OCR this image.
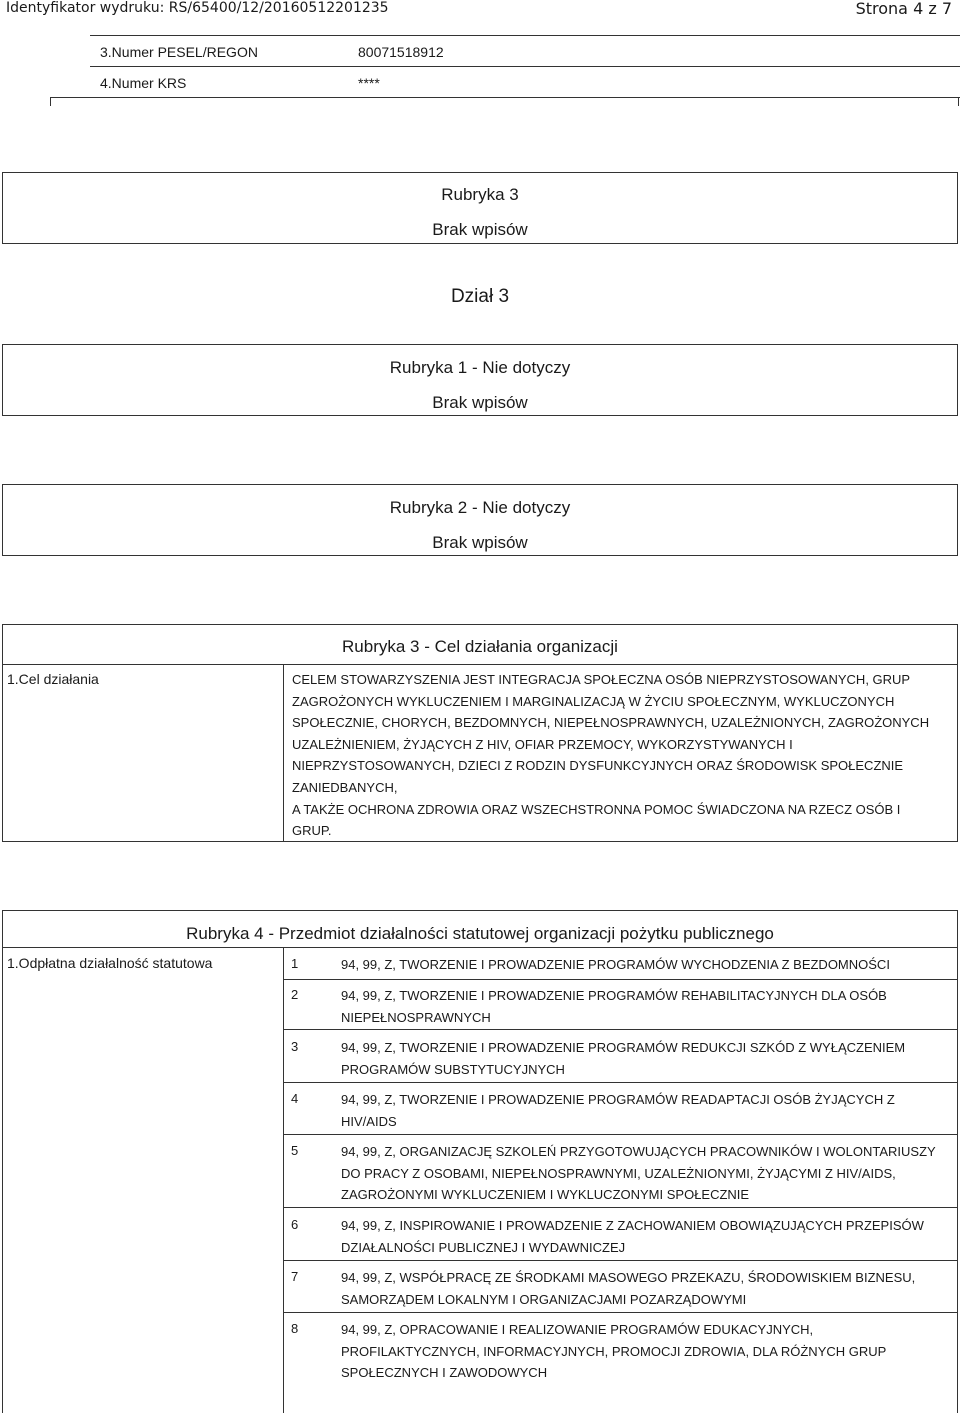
Identyfikator wydruku: RS/65400/12/20160512201235	Strona 4 z 7
3.Numer PESEL/REGON	80071518912
4.Numer KRS	****
Rubryka 3
Brak wpisów
Dział 3
Rubryka 1 - Nie dotyczy
Brak wpisów
Rubryka 2 - Nie dotyczy
Brak wpisów
Rubryka 3 - Cel działania organizacji
1.Cel działania	CELEM STOWARZYSZENIA JEST INTEGRACJA SPOŁECZNA OSÓB NIEPRZYSTOSOWANYCH, GRUP
ZAGROŻONYCH WYKLUCZENIEM I MARGINALIZACJĄ W ŻYCIU SPOŁECZNYM, WYKLUCZONYCH
SPOŁECZNIE, CHORYCH, BEZDOMNYCH, NIEPEŁNOSPRAWNYCH, UZALEŻNIONYCH, ZAGROŻONYCH
UZALEŻNIENIEM, ŻYJĄCYCH Z HIV, OFIAR PRZEMOCY, WYKORZYSTYWANYCH I
NIEPRZYSTOSOWANYCH, DZIECI Z RODZIN DYSFUNKCYJNYCH ORAZ ŚRODOWISK SPOŁECZNIE
ZANIEDBANYCH,
A TAKŻE OCHRONA ZDROWIA ORAZ WSZECHSTRONNA POMOC ŚWIADCZONA NA RZECZ OSÓB I
GRUP.
Rubryka 4 - Przedmiot działalności statutowej organizacji pożytku publicznego
1.Odpłatna działalność statutowa	1	94, 99, Z, TWORZENIE I PROWADZENIE PROGRAMÓW WYCHODZENIA Z BEZDOMNOŚCI
2	94, 99, Z, TWORZENIE I PROWADZENIE PROGRAMÓW REHABILITACYJNYCH DLA OSÓB
NIEPEŁNOSPRAWNYCH
3	94, 99, Z, TWORZENIE I PROWADZENIE PROGRAMÓW REDUKCJI SZKÓD Z WYŁĄCZENIEM
PROGRAMÓW SUBSTYTUCYJNYCH
4	94, 99, Z, TWORZENIE I PROWADZENIE PROGRAMÓW READAPTACJI OSÓB ŻYJĄCYCH Z
HIV/AIDS
5	94, 99, Z, ORGANIZACJĘ SZKOLEŃ PRZYGOTOWUJĄCYCH PRACOWNIKÓW I WOLONTARIUSZY
DO PRACY Z OSOBAMI, NIEPEŁNOSPRAWNYMI, UZALEŻNIONYMI, ŻYJĄCYMI Z HIV/AIDS,
ZAGROŻONYMI WYKLUCZENIEM I WYKLUCZONYMI SPOŁECZNIE
6	94, 99, Z, INSPIROWANIE I PROWADZENIE Z ZACHOWANIEM OBOWIĄZUJĄCYCH PRZEPISÓW
DZIAŁALNOŚCI PUBLICZNEJ I WYDAWNICZEJ
7	94, 99, Z, WSPÓŁPRACĘ ZE ŚRODKAMI MASOWEGO PRZEKAZU, ŚRODOWISKIEM BIZNESU,
SAMORZĄDEM LOKALNYM I ORGANIZACJAMI POZARZĄDOWYMI
8	94, 99, Z, OPRACOWANIE I REALIZOWANIE PROGRAMÓW EDUKACYJNYCH,
PROFILAKTYCZNYCH, INFORMACYJNYCH, PROMOCJI ZDROWIA, DLA RÓŻNYCH GRUP
SPOŁECZNYCH I ZAWODOWYCH
